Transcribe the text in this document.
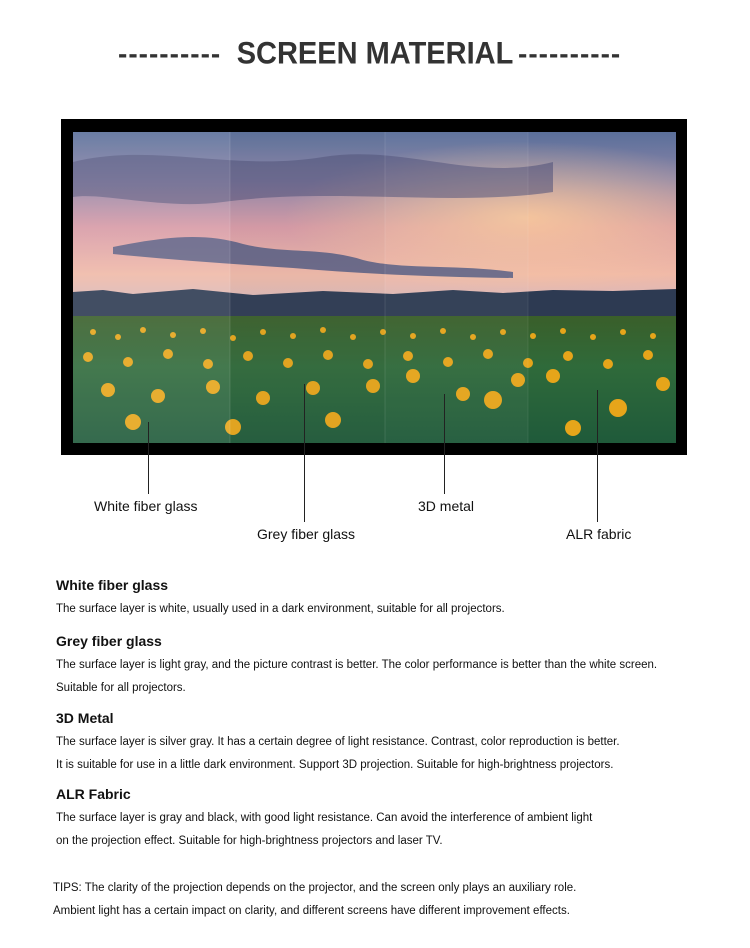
---------- SCREEN MATERIAL ----------
White fiber glass
Grey fiber glass
3D metal
ALR fabric
White fiber glass

The surface layer is white, usually used in a dark environment, suitable for all projectors.

Grey fiber glass

The surface layer is light gray, and the picture contrast is better. The color performance is better than the white screen.
Suitable for all projectors.

3D Metal

The surface layer is silver gray. It has a certain degree of light resistance. Contrast, color reproduction is better.
It is suitable for use in a little dark environment. Support 3D projection. Suitable for high-brightness projectors.

ALR Fabric

The surface layer is gray and black, with good light resistance. Can avoid the interference of ambient light
on the projection effect. Suitable for high-brightness projectors and laser TV.

TIPS: The clarity of the projection depends on the projector, and the screen only plays an auxiliary role.

Ambient light has a certain impact on clarity, and different screens have different improvement effects.
